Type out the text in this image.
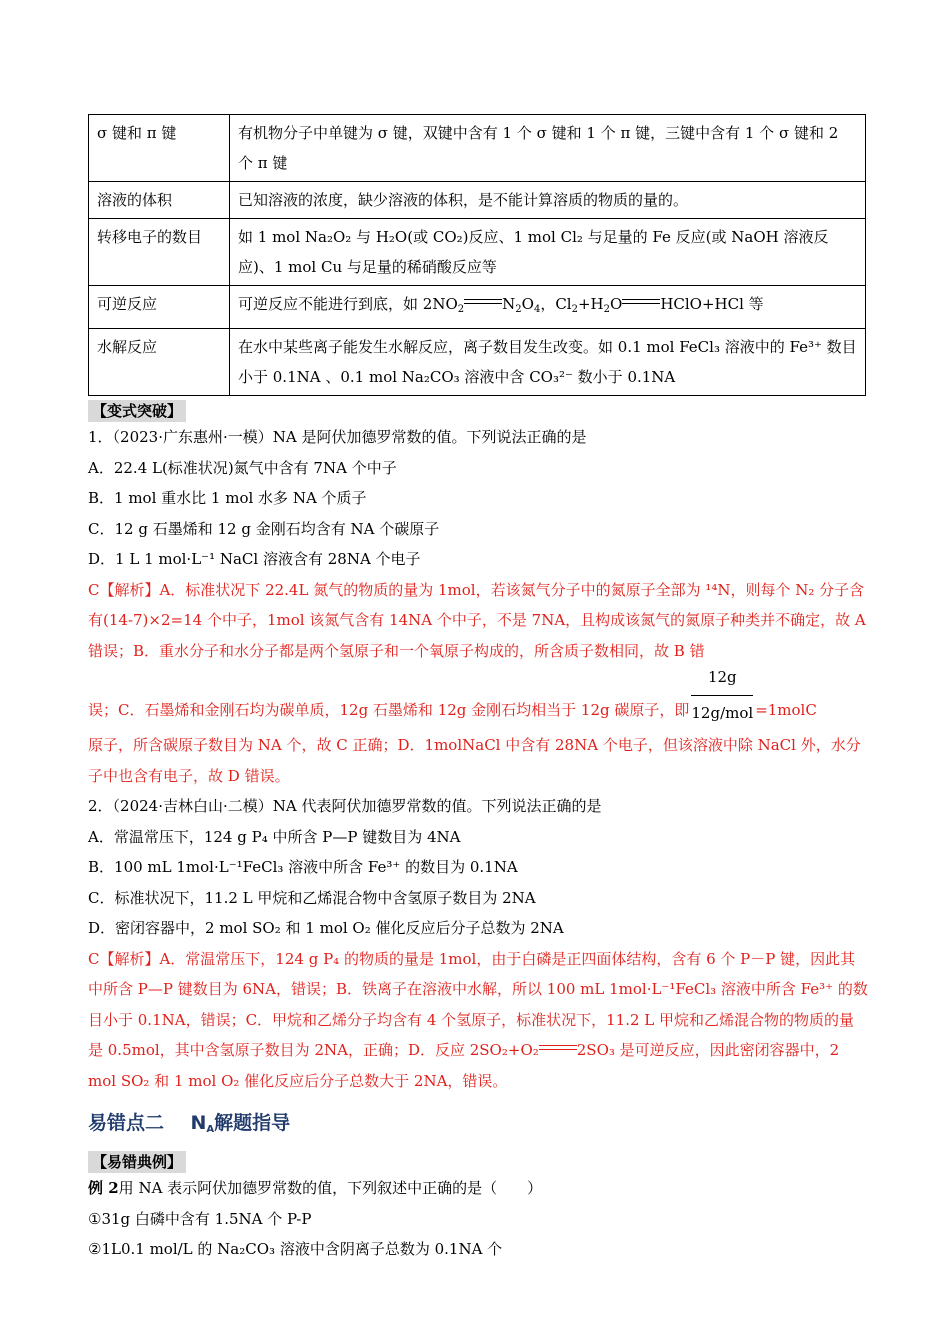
σ 键和 π 键	有机物分子中单键为 σ 键，双键中含有 1 个 σ 键和 1 个 π 键，三键中含有 1 个 σ 键和 2 个 π 键
溶液的体积	已知溶液的浓度，缺少溶液的体积，是不能计算溶质的物质的量的。
转移电子的数目	如 1 mol Na₂O₂ 与 H₂O(或 CO₂)反应、1 mol Cl₂ 与足量的 Fe 反应(或 NaOH 溶液反应)、1 mol Cu 与足量的稀硝酸反应等
可逆反应	可逆反应不能进行到底，如 $2NO_2$ $N_2O_4$，$Cl_2+H_2O$ HClO+HCl 等
水解反应	在水中某些离子能发生水解反应，离子数目发生改变。如 0.1 mol FeCl₃ 溶液中的 Fe³⁺ 数目小于 0.1NA 、0.1 mol Na₂CO₃ 溶液中含 CO₃²⁻ 数小于 0.1NA
【变式突破】
1．（2023·广东惠州·一模）NA 是阿伏加德罗常数的值。下列说法正确的是
A．22.4 L(标准状况)氮气中含有 7NA 个中子
B．1 mol 重水比 1 mol 水多 NA 个质子
C．12 g 石墨烯和 12 g 金刚石均含有 NA 个碳原子
D．1 L 1 mol·L⁻¹ NaCl 溶液含有 28NA 个电子

C【解析】A．标准状况下 22.4L 氮气的物质的量为 1mol，若该氮气分子中的氮原子全部为 ¹⁴N，则每个 N₂ 分子含有(14-7)×2=14 个中子，1mol 该氮气含有 14NA 个中子，不是 7NA，且构成该氮气的氮原子种类并不确定，故 A 错误；B．重水分子和水分子都是两个氢原子和一个氧原子构成的，所含质子数相同，故 B 错

误；C．石墨烯和金刚石均为碳单质，12g 石墨烯和 12g 金刚石均相当于 12g 碳原子，即 $\frac{12g}{\text{12g/mol}}$ =1molC

原子，所含碳原子数目为 NA 个，故 C 正确；D．1molNaCl 中含有 28NA 个电子，但该溶液中除 NaCl 外，水分子中也含有电子，故 D 错误。

2．（2024·吉林白山·二模）NA 代表阿伏加德罗常数的值。下列说法正确的是
A．常温常压下，124 g P₄ 中所含 P—P 键数目为 4NA
B．100 mL 1mol·L⁻¹FeCl₃ 溶液中所含 Fe³⁺ 的数目为 0.1NA
C．标准状况下，11.2 L 甲烷和乙烯混合物中含氢原子数目为 2NA
D．密闭容器中，2 mol SO₂ 和 1 mol O₂ 催化反应后分子总数为 2NA
C【解析】A．常温常压下，124 g P₄ 的物质的量是 1mol，由于白磷是正四面体结构，含有 6 个 P－P 键，因此其中所含 P—P 键数目为 6NA，错误；B．铁离子在溶液中水解，所以 100 mL 1mol·L⁻¹FeCl₃ 溶液中所含 Fe³⁺ 的数目小于 0.1NA，错误；C．甲烷和乙烯分子均含有 4 个氢原子，标准状况下，11.2 L 甲烷和乙烯混合物的物质的量是 0.5mol，其中含氢原子数目为 2NA，正确；D．反应 2SO₂+O₂	2SO₃ 是可逆反应，因此密闭容器中，2 mol SO₂ 和 1 mol O₂ 催化反应后分子总数大于 2NA，错误。
易错点二 $N_A$解题指导
【易错典例】
例 2用 NA 表示阿伏加德罗常数的值，下列叙述中正确的是（　　）
①31g 白磷中含有 1.5NA 个 P-P
②1L0.1 mol/L 的 Na₂CO₃ 溶液中含阴离子总数为 0.1NA 个
